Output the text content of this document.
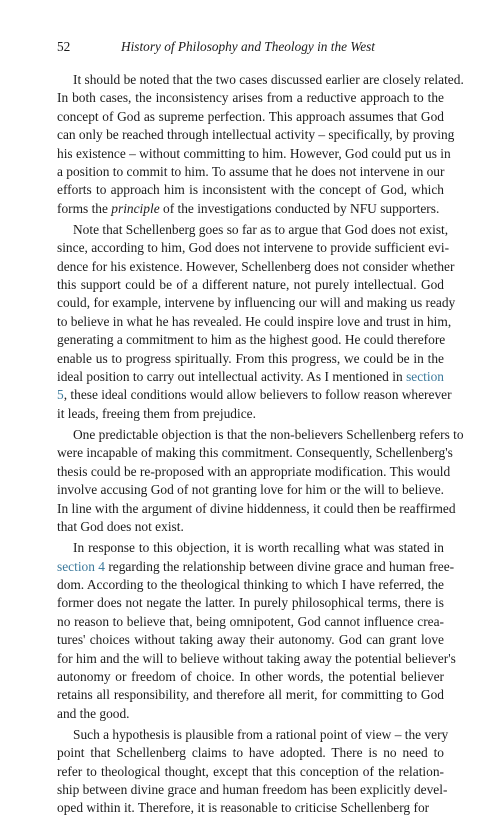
52	History of Philosophy and Theology in the West
It should be noted that the two cases discussed earlier are closely related.
In both cases, the inconsistency arises from a reductive approach to the
concept of God as supreme perfection. This approach assumes that God
can only be reached through intellectual activity – specifically, by proving
his existence – without committing to him. However, God could put us in
a position to commit to him. To assume that he does not intervene in our
efforts to approach him is inconsistent with the concept of God, which
forms the principle of the investigations conducted by NFU supporters.
Note that Schellenberg goes so far as to argue that God does not exist,
since, according to him, God does not intervene to provide sufficient evi-
dence for his existence. However, Schellenberg does not consider whether
this support could be of a different nature, not purely intellectual. God
could, for example, intervene by influencing our will and making us ready
to believe in what he has revealed. He could inspire love and trust in him,
generating a commitment to him as the highest good. He could therefore
enable us to progress spiritually. From this progress, we could be in the
ideal position to carry out intellectual activity. As I mentioned in section
5, these ideal conditions would allow believers to follow reason wherever
it leads, freeing them from prejudice.
One predictable objection is that the non-believers Schellenberg refers to
were incapable of making this commitment. Consequently, Schellenberg's
thesis could be re-proposed with an appropriate modification. This would
involve accusing God of not granting love for him or the will to believe.
In line with the argument of divine hiddenness, it could then be reaffirmed
that God does not exist.
In response to this objection, it is worth recalling what was stated in
section 4 regarding the relationship between divine grace and human free-
dom. According to the theological thinking to which I have referred, the
former does not negate the latter. In purely philosophical terms, there is
no reason to believe that, being omnipotent, God cannot influence crea-
tures' choices without taking away their autonomy. God can grant love
for him and the will to believe without taking away the potential believer's
autonomy or freedom of choice. In other words, the potential believer
retains all responsibility, and therefore all merit, for committing to God
and the good.
Such a hypothesis is plausible from a rational point of view – the very
point that Schellenberg claims to have adopted. There is no need to
refer to theological thought, except that this conception of the relation-
ship between divine grace and human freedom has been explicitly devel-
oped within it. Therefore, it is reasonable to criticise Schellenberg for
